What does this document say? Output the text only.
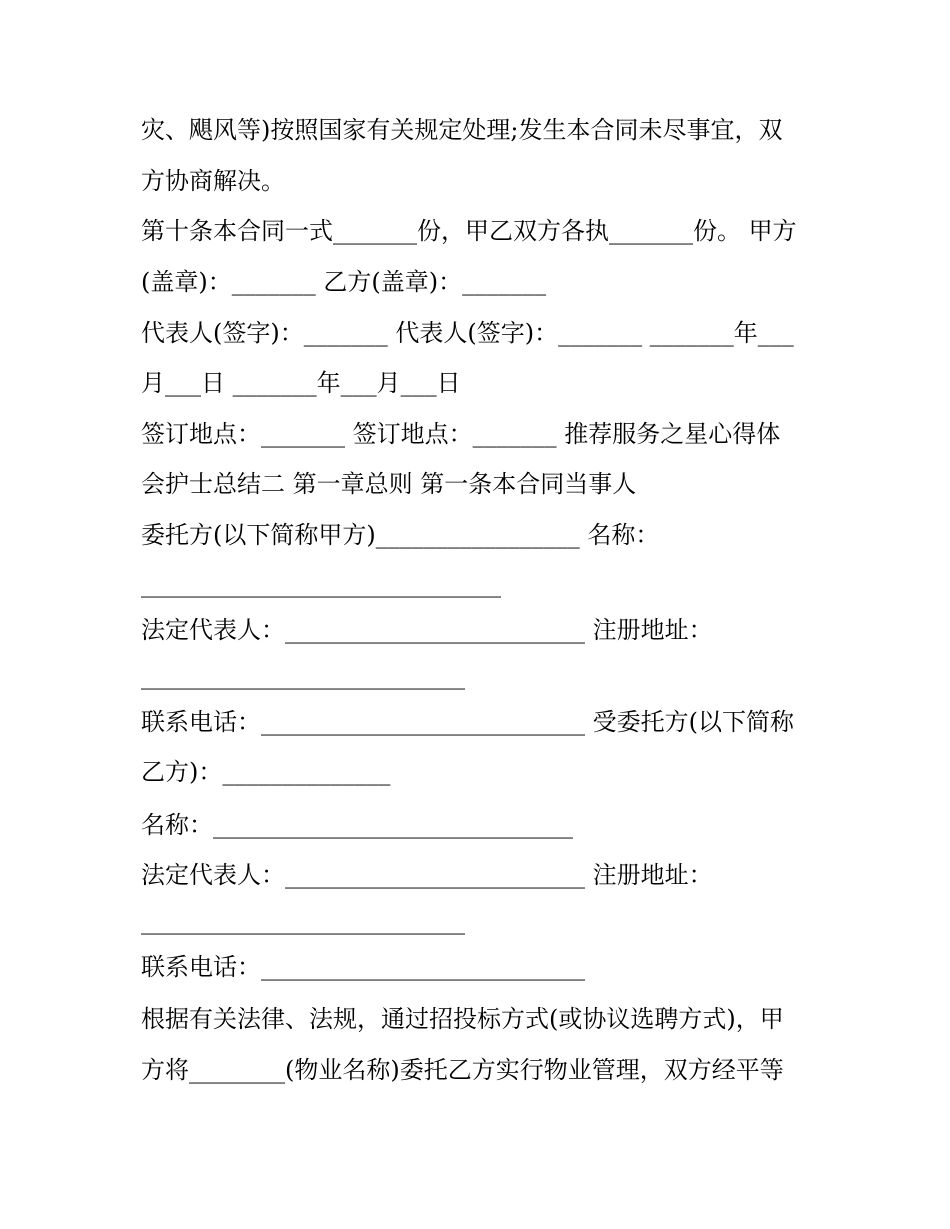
灾、飓风等)按照国家有关规定处理;发生本合同未尽事宜，双
方协商解决。
第十条本合同一式_______份，甲乙双方各执_______份。 甲方
(盖章)：_______ 乙方(盖章)：_______
代表人(签字)：_______ 代表人(签字)：_______ _______年___
月___日 _______年___月___日
签订地点：_______ 签订地点：_______ 推荐服务之星心得体
会护士总结二 第一章总则 第一条本合同当事人
委托方(以下简称甲方)_________________ 名称：
______________________________
法定代表人：_________________________ 注册地址：
___________________________
联系电话：___________________________ 受委托方(以下简称
乙方)：______________
名称：______________________________
法定代表人：_________________________ 注册地址：
___________________________
联系电话：___________________________
根据有关法律、法规，通过招投标方式(或协议选聘方式)，甲
方将________(物业名称)委托乙方实行物业管理，双方经平等
